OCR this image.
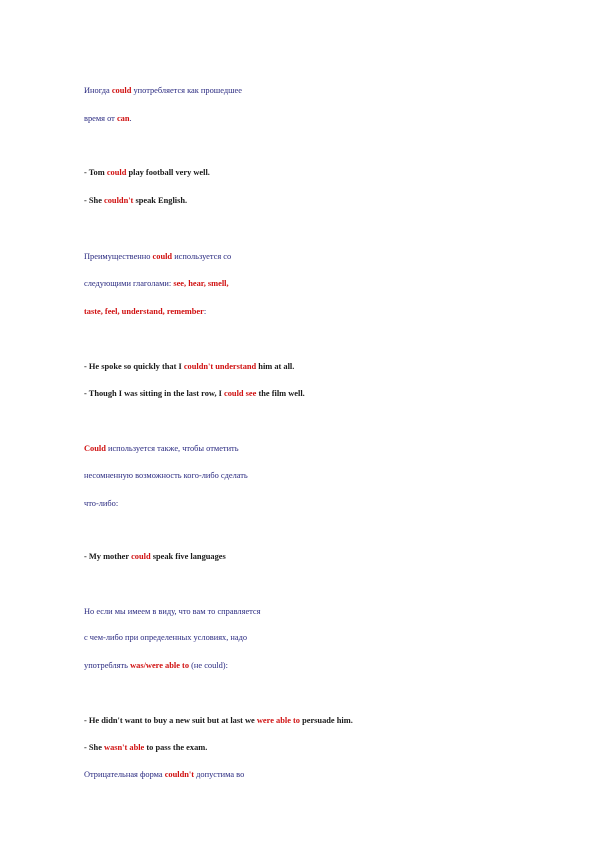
Иногда could употребляется как прошедшее
время от can.
- Tom could play football very well.
- She couldn't speak English.
Преимущественно could используется со
следующими глаголами: see, hear, smell,
taste, feel, understand, remember:
- He spoke so quickly that I couldn't understand him at all.
- Though I was sitting in the last row, I could see the film well.
Could используется также, чтобы отметить
несомненную возможность кого-либо сделать
что-либо:
- My mother could speak five languages
Но если мы имеем в виду, что вам то справляется
с чем-либо при определенных условиях, надо
употреблять was/were able to (не could):
- He didn't want to buy a new suit but at last we were able to persuade him.
- She wasn't able to pass the exam.
Отрицательная форма couldn't допустима во
